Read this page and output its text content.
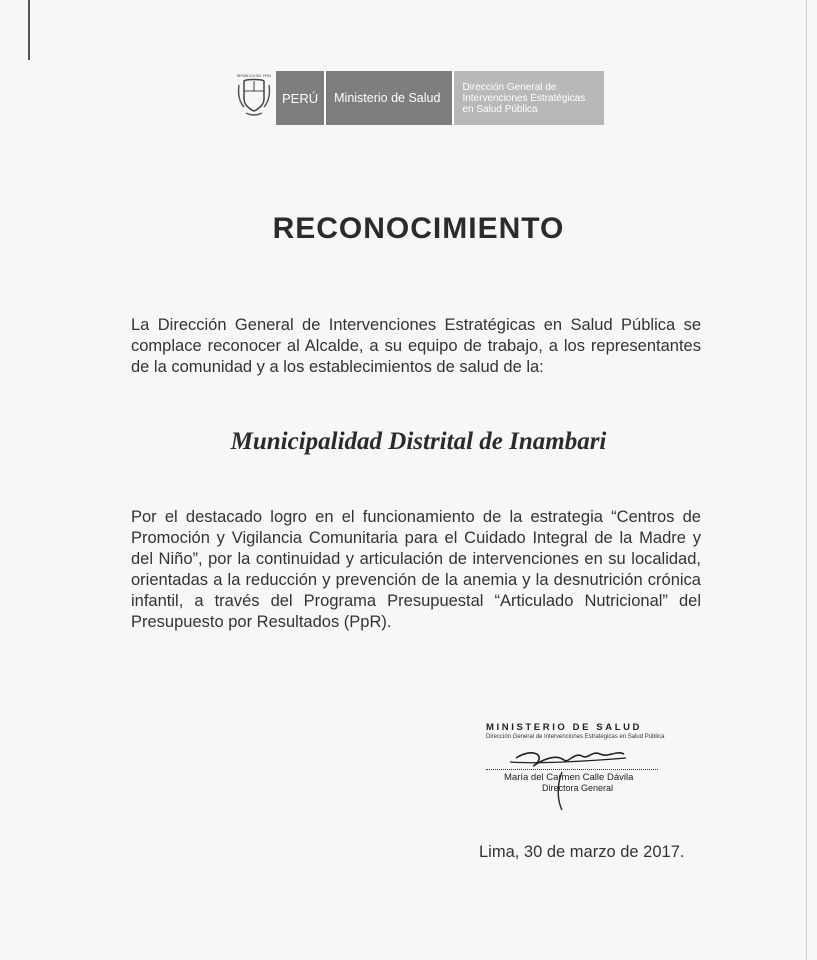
REPÚBLICA DEL PERÚ
PERÚ	Ministerio de Salud
Dirección General de Intervenciones Estratégicas en Salud Pública
RECONOCIMIENTO
La Dirección General de Intervenciones Estratégicas en Salud Pública se complace reconocer al Alcalde, a su equipo de trabajo, a los representantes de la comunidad y a los establecimientos de salud de la:
Municipalidad Distrital de Inambari
Por el destacado logro en el funcionamiento de la estrategia “Centros de Promoción y Vigilancia Comunitaria para el Cuidado Integral de la Madre y del Niño”, por la continuidad y articulación de intervenciones en su localidad, orientadas a la reducción y prevención de la anemia y la desnutrición crónica infantil, a través del Programa Presupuestal “Articulado Nutricional” del Presupuesto por Resultados (PpR).
MINISTERIO DE SALUD
Dirección General de Intervenciones Estratégicas en Salud Pública
María del Carmen Calle Dávila
Directora General
Lima, 30 de marzo de 2017.
